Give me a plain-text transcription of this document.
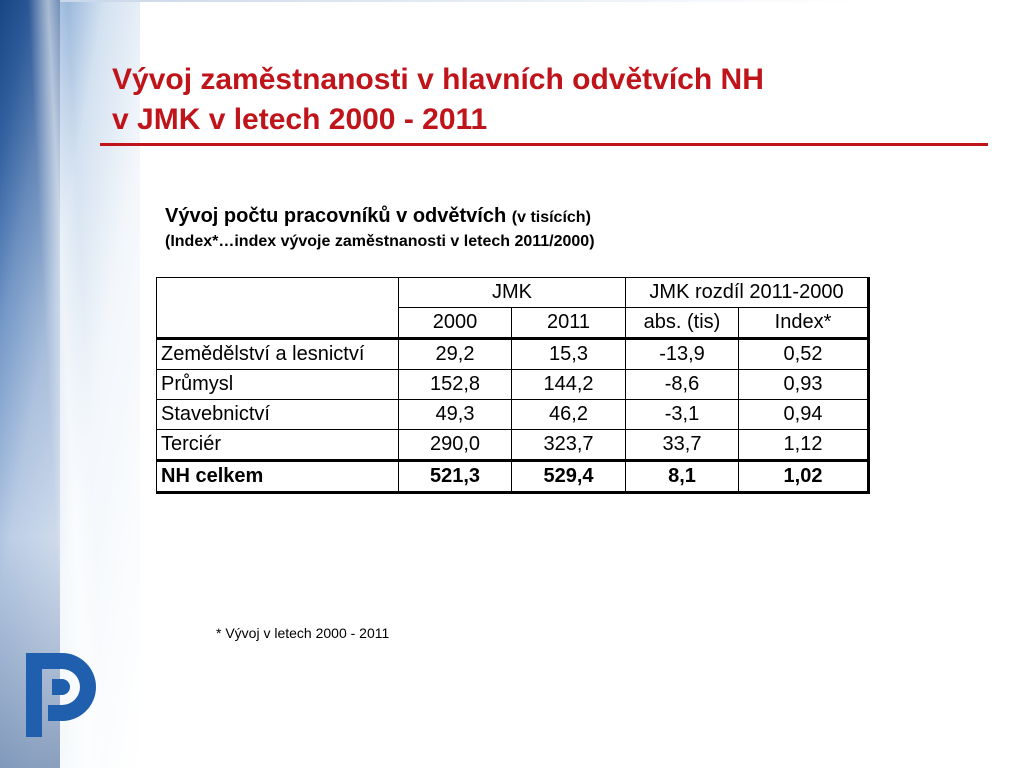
Vývoj zaměstnanosti v hlavních odvětvích NH
v JMK v letech 2000 - 2011
Vývoj počtu pracovníků v odvětvích (v tisících)
(Index*…index vývoje zaměstnanosti v letech 2011/2000)
	JMK		JMK rozdíl 2011-2000	
	2000	2011	abs. (tis)	Index*
Zemědělství a lesnictví	29,2	15,3	-13,9	0,52
Průmysl	152,8	144,2	-8,6	0,93
Stavebnictví	49,3	46,2	-3,1	0,94
Terciér	290,0	323,7	33,7	1,12
NH celkem	521,3	529,4	8,1	1,02
* Vývoj v letech 2000 - 2011
